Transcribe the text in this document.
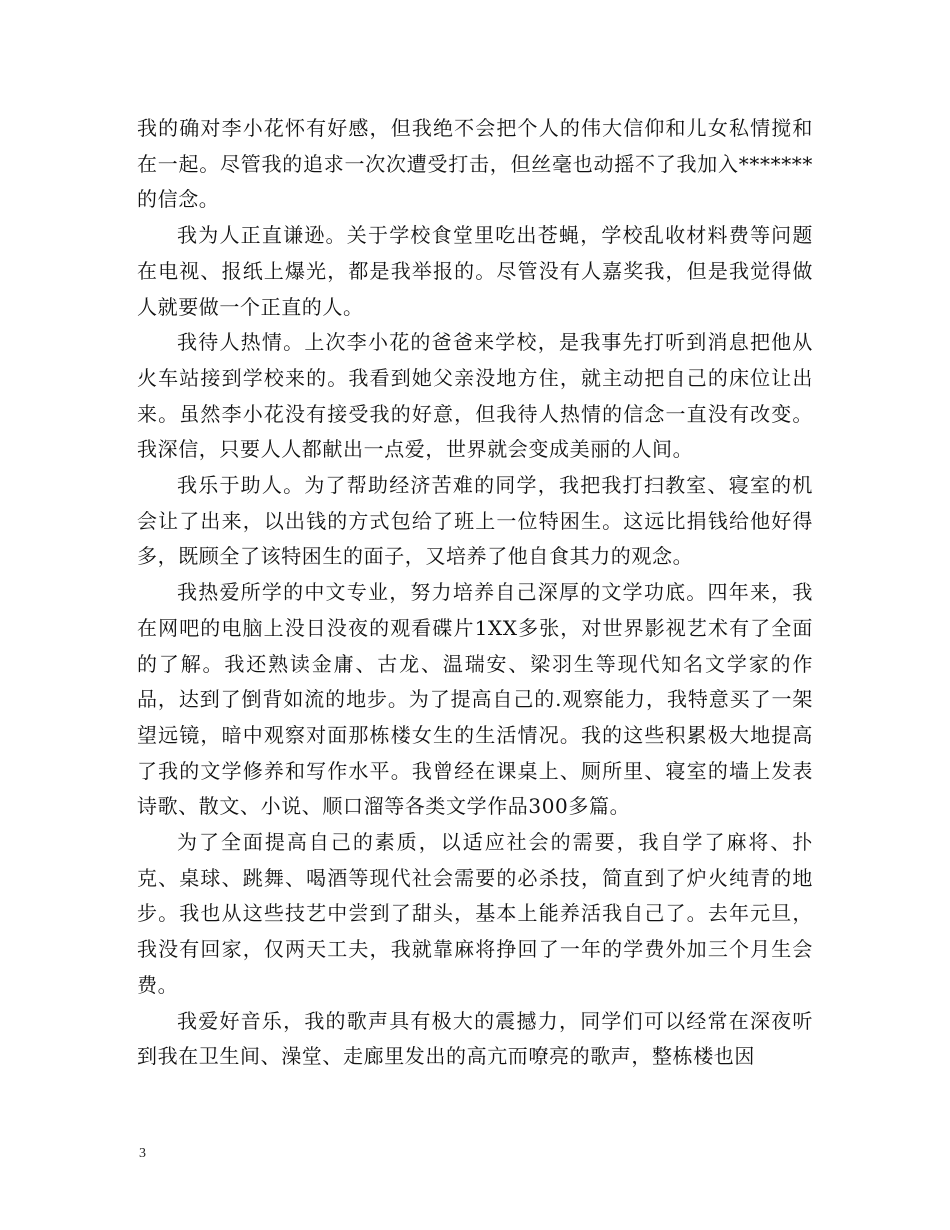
我的确对李小花怀有好感，但我绝不会把个人的伟大信仰和儿女私情搅和在一起。尽管我的追求一次次遭受打击，但丝毫也动摇不了我加入*******的信念。

我为人正直谦逊。关于学校食堂里吃出苍蝇，学校乱收材料费等问题在电视、报纸上爆光，都是我举报的。尽管没有人嘉奖我，但是我觉得做人就要做一个正直的人。

我待人热情。上次李小花的爸爸来学校，是我事先打听到消息把他从火车站接到学校来的。我看到她父亲没地方住，就主动把自己的床位让出来。虽然李小花没有接受我的好意，但我待人热情的信念一直没有改变。我深信，只要人人都献出一点爱，世界就会变成美丽的人间。

我乐于助人。为了帮助经济苦难的同学，我把我打扫教室、寝室的机会让了出来，以出钱的方式包给了班上一位特困生。这远比捐钱给他好得多，既顾全了该特困生的面子，又培养了他自食其力的观念。

我热爱所学的中文专业，努力培养自己深厚的文学功底。四年来，我在网吧的电脑上没日没夜的观看碟片1XX多张，对世界影视艺术有了全面的了解。我还熟读金庸、古龙、温瑞安、梁羽生等现代知名文学家的作品，达到了倒背如流的地步。为了提高自己的.观察能力，我特意买了一架望远镜，暗中观察对面那栋楼女生的生活情况。我的这些积累极大地提高了我的文学修养和写作水平。我曾经在课桌上、厕所里、寝室的墙上发表诗歌、散文、小说、顺口溜等各类文学作品300多篇。

为了全面提高自己的素质，以适应社会的需要，我自学了麻将、扑克、桌球、跳舞、喝酒等现代社会需要的必杀技，简直到了炉火纯青的地步。我也从这些技艺中尝到了甜头，基本上能养活我自己了。去年元旦，我没有回家，仅两天工夫，我就靠麻将挣回了一年的学费外加三个月生会费。

我爱好音乐，我的歌声具有极大的震撼力，同学们可以经常在深夜听到我在卫生间、澡堂、走廊里发出的高亢而嘹亮的歌声，整栋楼也因

3
